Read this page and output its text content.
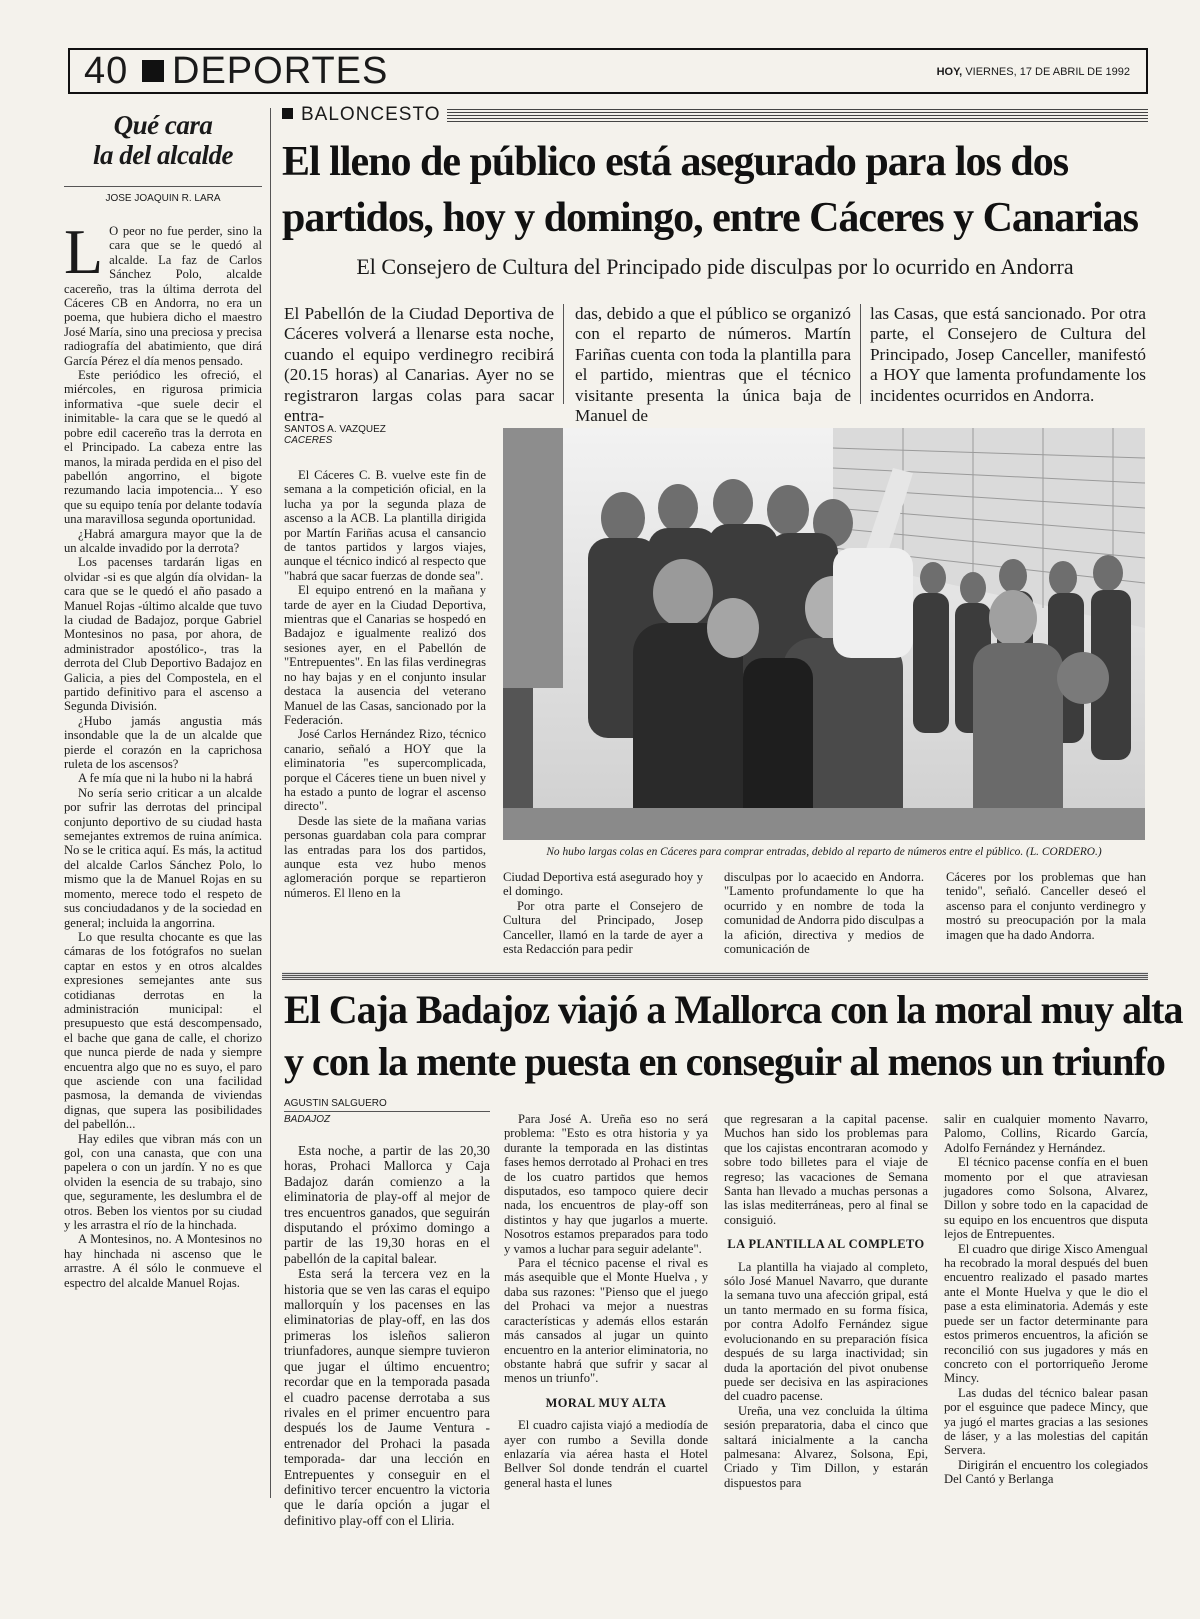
40 DEPORTES	HOY, VIERNES, 17 DE ABRIL DE 1992
Qué cara
la del alcalde
JOSE JOAQUIN R. LARA

L O peor no fue perder, sino la cara que se le quedó al alcalde. La faz de Carlos Sánchez Polo, alcalde cacereño, tras la última derrota del Cáceres CB en Andorra, no era un poema, que hubiera dicho el maestro José María, sino una preciosa y precisa radiografía del abatimiento, que dirá García Pérez el día menos pensado.

Este periódico les ofreció, el miércoles, en rigurosa primicia informativa -que suele decir el inimitable- la cara que se le quedó al pobre edil cacereño tras la derrota en el Principado. La cabeza entre las manos, la mirada perdida en el piso del pabellón angorrino, el bigote rezumando lacia impotencia... Y eso que su equipo tenía por delante todavía una maravillosa segunda oportunidad.

¿Habrá amargura mayor que la de un alcalde invadido por la derrota?

Los pacenses tardarán ligas en olvidar -si es que algún día olvidan- la cara que se le quedó el año pasado a Manuel Rojas -último alcalde que tuvo la ciudad de Badajoz, porque Gabriel Montesinos no pasa, por ahora, de administrador apostólico-, tras la derrota del Club Deportivo Badajoz en Galicia, a pies del Compostela, en el partido definitivo para el ascenso a Segunda División.

¿Hubo jamás angustia más insondable que la de un alcalde que pierde el corazón en la caprichosa ruleta de los ascensos?

A fe mía que ni la hubo ni la habrá

No sería serio criticar a un alcalde por sufrir las derrotas del principal conjunto deportivo de su ciudad hasta semejantes extremos de ruina anímica. No se le critica aquí. Es más, la actitud del alcalde Carlos Sánchez Polo, lo mismo que la de Manuel Rojas en su momento, merece todo el respeto de sus conciudadanos y de la sociedad en general; incluida la angorrina.

Lo que resulta chocante es que las cámaras de los fotógrafos no suelan captar en estos y en otros alcaldes expresiones semejantes ante sus cotidianas derrotas en la administración municipal: el presupuesto que está descompensado, el bache que gana de calle, el chorizo que nunca pierde de nada y siempre encuentra algo que no es suyo, el paro que asciende con una facilidad pasmosa, la demanda de viviendas dignas, que supera las posibilidades del pabellón...

Hay ediles que vibran más con un gol, con una canasta, que con una papelera o con un jardín. Y no es que olviden la esencia de su trabajo, sino que, seguramente, les deslumbra el de otros. Beben los vientos por su ciudad y les arrastra el río de la hinchada.

A Montesinos, no. A Montesinos no hay hinchada ni ascenso que le arrastre. A él sólo le conmueve el espectro del alcalde Manuel Rojas.

BALONCESTO
El lleno de público está asegurado para los dos
partidos, hoy y domingo, entre Cáceres y Canarias
El Consejero de Cultura del Principado pide disculpas por lo ocurrido en Andorra
El Pabellón de la Ciudad Deportiva de Cáceres volverá a llenarse esta noche, cuando el equipo verdinegro recibirá (20.15 horas) al Canarias. Ayer no se registraron largas colas para sacar entra-
das, debido a que el público se organizó con el reparto de números. Martín Fariñas cuenta con toda la plantilla para el partido, mientras que el técnico visitante presenta la única baja de Manuel de
las Casas, que está sancionado. Por otra parte, el Consejero de Cultura del Principado, Josep Canceller, manifestó a HOY que lamenta profundamente los incidentes ocurridos en Andorra.
SANTOS A. VAZQUEZ
CACERES

El Cáceres C. B. vuelve este fin de semana a la competición oficial, en la lucha ya por la segunda plaza de ascenso a la ACB. La plantilla dirigida por Martín Fariñas acusa el cansancio de tantos partidos y largos viajes, aunque el técnico indicó al respecto que "habrá que sacar fuerzas de donde sea".

El equipo entrenó en la mañana y tarde de ayer en la Ciudad Deportiva, mientras que el Canarias se hospedó en Badajoz e igualmente realizó dos sesiones ayer, en el Pabellón de "Entrepuentes". En las filas verdinegras no hay bajas y en el conjunto insular destaca la ausencia del veterano Manuel de las Casas, sancionado por la Federación.

José Carlos Hernández Rizo, técnico canario, señaló a HOY que la eliminatoria "es supercomplicada, porque el Cáceres tiene un buen nivel y ha estado a punto de lograr el ascenso directo".

Desde las siete de la mañana varias personas guardaban cola para comprar las entradas para los dos partidos, aunque esta vez hubo menos aglomeración porque se repartieron números. El lleno en la

No hubo largas colas en Cáceres para comprar entradas, debido al reparto de números entre el público. (L. CORDERO.)

Ciudad Deportiva está asegurado hoy y el domingo.

Por otra parte el Consejero de Cultura del Principado, Josep Canceller, llamó en la tarde de ayer a esta Redacción para pedir

disculpas por lo acaecido en Andorra. "Lamento profundamente lo que ha ocurrido y en nombre de toda la comunidad de Andorra pido disculpas a la afición, directiva y medios de comunicación de

Cáceres por los problemas que han tenido", señaló. Canceller deseó el ascenso para el conjunto verdinegro y mostró su preocupación por la mala imagen que ha dado Andorra.

El Caja Badajoz viajó a Mallorca con la moral muy alta
y con la mente puesta en conseguir al menos un triunfo
AGUSTIN SALGUERO
BADAJOZ

Esta noche, a partir de las 20,30 horas, Prohaci Mallorca y Caja Badajoz darán comienzo a la eliminatoria de play-off al mejor de tres encuentros ganados, que seguirán disputando el próximo domingo a partir de las 19,30 horas en el pabellón de la capital balear.

Esta será la tercera vez en la historia que se ven las caras el equipo mallorquín y los pacenses en las eliminatorias de play-off, en las dos primeras los isleños salieron triunfadores, aunque siempre tuvieron que jugar el último encuentro; recordar que en la temporada pasada el cuadro pacense derrotaba a sus rivales en el primer encuentro para después los de Jaume Ventura -entrenador del Prohaci la pasada temporada- dar una lección en Entrepuentes y conseguir en el definitivo tercer encuentro la victoria que le daría opción a jugar el definitivo play-off con el Lliria.

Para José A. Ureña eso no será problema: "Esto es otra historia y ya durante la temporada en las distintas fases hemos derrotado al Prohaci en tres de los cuatro partidos que hemos disputados, eso tampoco quiere decir nada, los encuentros de play-off son distintos y hay que jugarlos a muerte. Nosotros estamos preparados para todo y vamos a luchar para seguir adelante".

Para el técnico pacense el rival es más asequible que el Monte Huelva , y daba sus razones: "Pienso que el juego del Prohaci va mejor a nuestras características y además ellos estarán más cansados al jugar un quinto encuentro en la anterior eliminatoria, no obstante habrá que sufrir y sacar al menos un triunfo".

MORAL MUY ALTA

El cuadro cajista viajó a mediodía de ayer con rumbo a Sevilla donde enlazaría via aérea hasta el Hotel Bellver Sol donde tendrán el cuartel general hasta el lunes

que regresaran a la capital pacense. Muchos han sido los problemas para que los cajistas encontraran acomodo y sobre todo billetes para el viaje de regreso; las vacaciones de Semana Santa han llevado a muchas personas a las islas mediterráneas, pero al final se consiguió.

LA PLANTILLA AL COMPLETO

La plantilla ha viajado al completo, sólo José Manuel Navarro, que durante la semana tuvo una afección gripal, está un tanto mermado en su forma física, por contra Adolfo Fernández sigue evolucionando en su preparación física después de su larga inactividad; sin duda la aportación del pivot onubense puede ser decisiva en las aspiraciones del cuadro pacense.

Ureña, una vez concluida la última sesión preparatoria, daba el cinco que saltará inicialmente a la cancha palmesana: Alvarez, Solsona, Epi, Criado y Tim Dillon, y estarán dispuestos para

salir en cualquier momento Navarro, Palomo, Collins, Ricardo García, Adolfo Fernández y Hernández.

El técnico pacense confía en el buen momento por el que atraviesan jugadores como Solsona, Alvarez, Dillon y sobre todo en la capacidad de su equipo en los encuentros que disputa lejos de Entrepuentes.

El cuadro que dirige Xisco Amengual ha recobrado la moral después del buen encuentro realizado el pasado martes ante el Monte Huelva y que le dio el pase a esta eliminatoria. Además y este puede ser un factor determinante para estos primeros encuentros, la afición se reconcilió con sus jugadores y más en concreto con el portorriqueño Jerome Mincy.

Las dudas del técnico balear pasan por el esguince que padece Mincy, que ya jugó el martes gracias a las sesiones de láser, y a las molestias del capitán Servera.

Dirigirán el encuentro los colegiados Del Cantó y Berlanga
